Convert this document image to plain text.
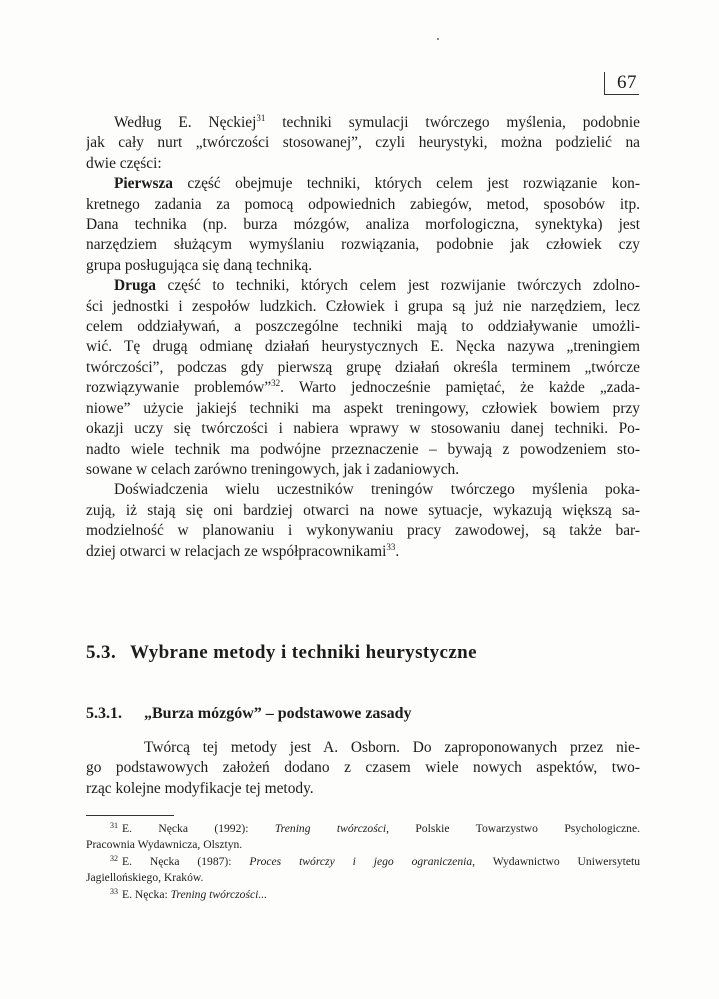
67

Według E. Nęckiej$^{31}$ techniki symulacji twórczego myślenia, podobnie

jak cały nurt „twórczości stosowanej”, czyli heurystyki, można podzielić na

dwie części:

Pierwsza część obejmuje techniki, których celem jest rozwiązanie kon-

kretnego zadania za pomocą odpowiednich zabiegów, metod, sposobów itp.

Dana technika (np. burza mózgów, analiza morfologiczna, synektyka) jest

narzędziem służącym wymyślaniu rozwiązania, podobnie jak człowiek czy

grupa posługująca się daną techniką.

Druga część to techniki, których celem jest rozwijanie twórczych zdolno-

ści jednostki i zespołów ludzkich. Człowiek i grupa są już nie narzędziem, lecz

celem oddziaływań, a poszczególne techniki mają to oddziaływanie umożli-

wić. Tę drugą odmianę działań heurystycznych E. Nęcka nazywa „treningiem

twórczości”, podczas gdy pierwszą grupę działań określa terminem „twórcze

rozwiązywanie problemów”$^{32}$. Warto jednocześnie pamiętać, że każde „zada-

niowe” użycie jakiejś techniki ma aspekt treningowy, człowiek bowiem przy

okazji uczy się twórczości i nabiera wprawy w stosowaniu danej techniki. Po-

nadto wiele technik ma podwójne przeznaczenie – bywają z powodzeniem sto-

sowane w celach zarówno treningowych, jak i zadaniowych.

Doświadczenia wielu uczestników treningów twórczego myślenia poka-

zują, iż stają się oni bardziej otwarci na nowe sytuacje, wykazują większą sa-

modzielność w planowaniu i wykonywaniu pracy zawodowej, są także bar-

dziej otwarci w relacjach ze współpracownikami$^{33}$.

5.3. Wybrane metody i techniki heurystyczne
5.3.1. „Burza mózgów” – podstawowe zasady

Twórcą tej metody jest A. Osborn. Do zaproponowanych przez nie-

go podstawowych założeń dodano z czasem wiele nowych aspektów, two-

rząc kolejne modyfikacje tej metody.

$^{31}$ E. Nęcka (1992): Trening twórczości, Polskie Towarzystwo Psychologiczne.

Pracownia Wydawnicza, Olsztyn.

$^{32}$ E. Nęcka (1987): Proces twórczy i jego ograniczenia, Wydawnictwo Uniwersytetu

Jagiellońskiego, Kraków.

$^{33}$ E. Nęcka: Trening twórczości...
